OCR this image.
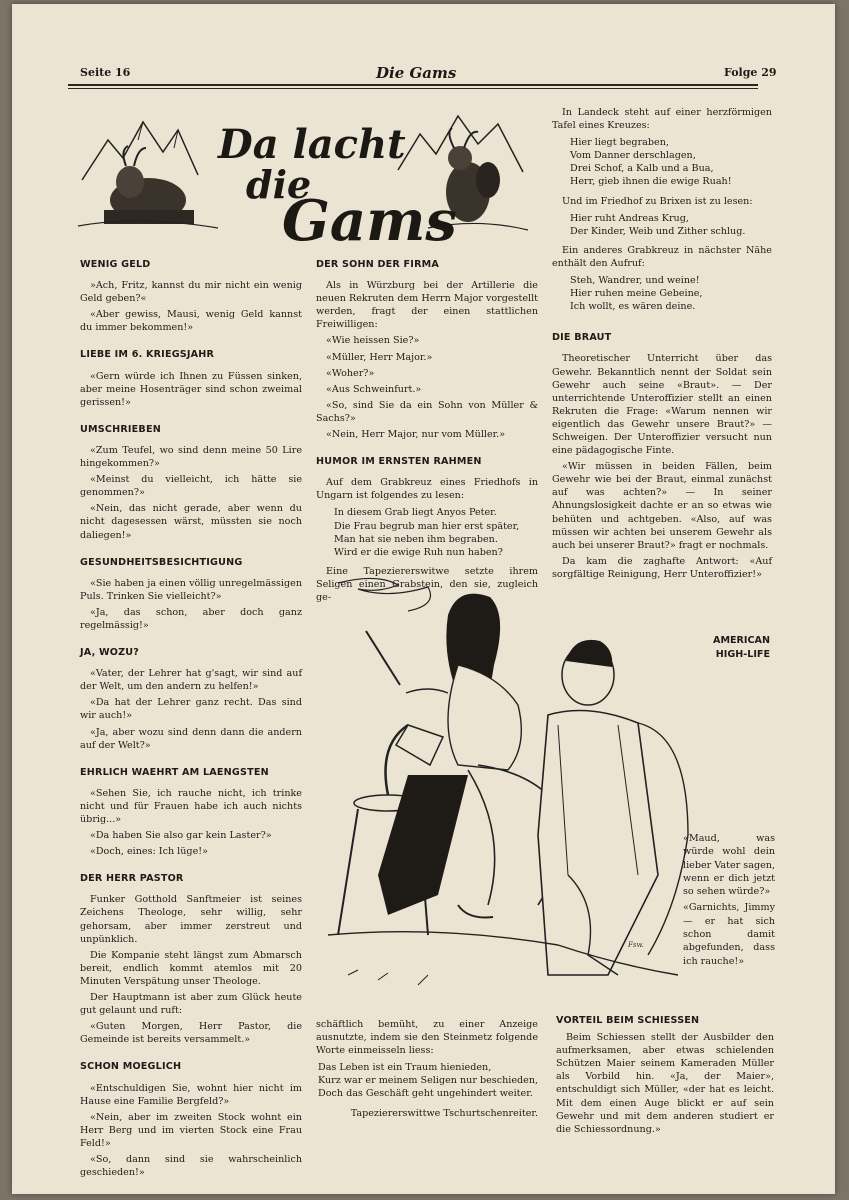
Seite 16	Die Gams	Folge 29
Da lacht
die
Gams
WENIG GELD

»Ach, Fritz, kannst du mir nicht ein wenig Geld geben?«

«Aber gewiss, Mausi, wenig Geld kannst du immer bekommen!»

LIEBE IM 6. KRIEGSJAHR

«Gern würde ich Ihnen zu Füssen sinken, aber meine Hosenträger sind schon zweimal gerissen!»

UMSCHRIEBEN

«Zum Teufel, wo sind denn meine 50 Lire hingekommen?»

«Meinst du vielleicht, ich hätte sie genommen?»

«Nein, das nicht gerade, aber wenn du nicht dagesessen wärst, müssten sie noch daliegen!»

GESUNDHEITSBESICHTIGUNG

«Sie haben ja einen völlig unregelmässigen Puls. Trinken Sie vielleicht?»

«Ja, das schon, aber doch ganz regelmässig!»

JA, WOZU?

«Vater, der Lehrer hat g'sagt, wir sind auf der Welt, um den andern zu helfen!»

«Da hat der Lehrer ganz recht. Das sind wir auch!»

«Ja, aber wozu sind denn dann die andern auf der Welt?»

EHRLICH WAEHRT AM LAENGSTEN

«Sehen Sie, ich rauche nicht, ich trinke nicht und für Frauen habe ich auch nichts übrig...»

«Da haben Sie also gar kein Laster?»

«Doch, eines: Ich lüge!»

DER HERR PASTOR

Funker Gotthold Sanftmeier ist seines Zeichens Theologe, sehr willig, sehr gehorsam, aber immer zerstreut und unpünklich.

Die Kompanie steht längst zum Abmarsch bereit, endlich kommt atemlos mit 20 Minuten Verspätung unser Theologe.

Der Hauptmann ist aber zum Glück heute gut gelaunt und ruft:

«Guten Morgen, Herr Pastor, die Gemeinde ist bereits versammelt.»

SCHON MOEGLICH

«Entschuldigen Sie, wohnt hier nicht im Hause eine Familie Bergfeld?»

«Nein, aber im zweiten Stock wohnt ein Herr Berg und im vierten Stock eine Frau Feld!»

«So, dann sind sie wahrscheinlich geschieden!»

DER SOHN DER FIRMA

Als in Würzburg bei der Artillerie die neuen Rekruten dem Herrn Major vorgestellt werden, fragt der einen stattlichen Freiwilligen:

«Wie heissen Sie?»

«Müller, Herr Major.»

«Woher?»

«Aus Schweinfurt.»

«So, sind Sie da ein Sohn von Müller & Sachs?»

«Nein, Herr Major, nur vom Müller.»

HUMOR IM ERNSTEN RAHMEN

Auf dem Grabkreuz eines Friedhofs in Ungarn ist folgendes zu lesen:

In diesem Grab liegt Anyos Peter.
Die Frau begrub man hier erst später,
Man hat sie neben ihm begraben.
Wird er die ewige Ruh nun haben?

Eine Tapeziererswitwe setzte ihrem Seligen einen Grabstein, den sie, zugleich ge-

schäftlich bemüht, zu einer Anzeige ausnutzte, indem sie den Steinmetz folgende Worte einmeisseln liess:

Das Leben ist ein Traum hienieden,
Kurz war er meinem Seligen nur beschieden,
Doch das Geschäft geht ungehindert weiter.
Tapeziererswittwe Tschurtschenreiter.

In Landeck steht auf einer herzförmigen Tafel eines Kreuzes:

Hier liegt begraben,
Vom Danner derschlagen,
Drei Schof, a Kalb und a Bua,
Herr, gieb ihnen die ewige Ruah!

Und im Friedhof zu Brixen ist zu lesen:

Hier ruht Andreas Krug,
Der Kinder, Weib und Zither schlug.

Ein anderes Grabkreuz in nächster Nähe enthält den Aufruf:

Steh, Wandrer, und weine!
Hier ruhen meine Gebeine,
Ich wollt, es wären deine.
DIE BRAUT

Theoretischer Unterricht über das Gewehr. Bekanntlich nennt der Soldat sein Gewehr auch seine «Braut». — Der unterrichtende Unteroffizier stellt an einen Rekruten die Frage: «Warum nennen wir eigentlich das Gewehr unsere Braut?» — Schweigen. Der Unteroffizier versucht nun eine pädagogische Finte.

«Wir müssen in beiden Fällen, beim Gewehr wie bei der Braut, einmal zunächst auf was achten?» — In seiner Ahnungslosigkeit dachte er an so etwas wie behüten und achtgeben. «Also, auf was müssen wir achten bei unserem Gewehr als auch bei unserer Braut?» fragt er nochmals.

Da kam die zaghafte Antwort: «Auf sorgfältige Reinigung, Herr Unteroffizier!»

VORTEIL BEIM SCHIESSEN

Beim Schiessen stellt der Ausbilder den aufmerksamen, aber etwas schielenden Schützen Maier seinem Kameraden Müller als Vorbild hin. «Ja, der Maier», entschuldigt sich Müller, «der hat es leicht. Mit dem einen Auge blickt er auf sein Gewehr und mit dem anderen studiert er die Schiessordnung.»

Fsw.
AMERICAN
HIGH-LIFE

«Maud, was würde wohl dein lieber Vater sagen, wenn er dich jetzt so sehen würde?»

«Garnichts, Jimmy — er hat sich schon damit abgefunden, dass ich rauche!»
